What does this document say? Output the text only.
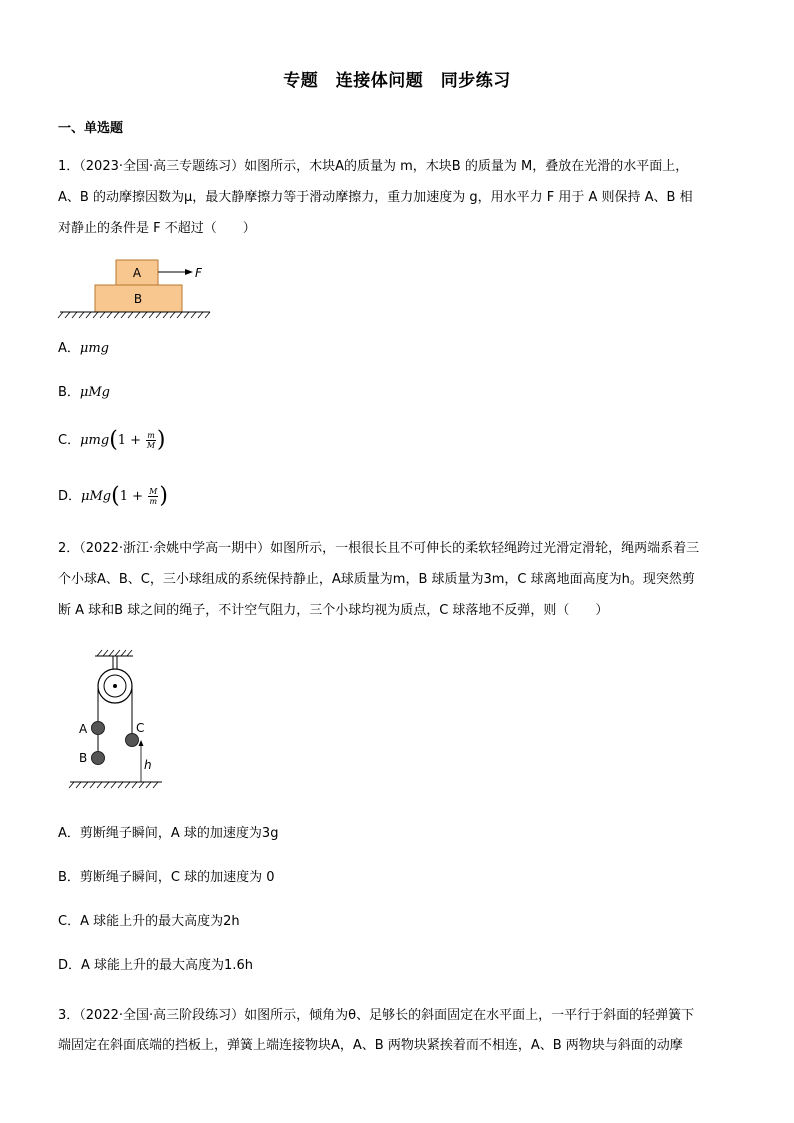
专题　连接体问题　同步练习
一、单选题
1．（2023·全国·高三专题练习）如图所示，木块A的质量为 m，木块B 的质量为 M，叠放在光滑的水平面上，
A、B 的动摩擦因数为μ，最大静摩擦力等于滑动摩擦力，重力加速度为 g，用水平力 F 用于 A 则保持 A、B 相
对静止的条件是 F 不超过（　　）
A
B
F
A．μmg
B．μMg
C．$\mu mg(1 + \frac{m}{M}$ )
D．$\mu Mg(1 + \frac{M}{m}$ )
2．（2022·浙江·余姚中学高一期中）如图所示，一根很长且不可伸长的柔软轻绳跨过光滑定滑轮，绳两端系着三
个小球A、B、C，三小球组成的系统保持静止，A球质量为m，B 球质量为3m，C 球离地面高度为h。现突然剪
断 A 球和B 球之间的绳子，不计空气阻力，三个小球均视为质点，C 球落地不反弹，则（　　）
A
B
C
h
A．剪断绳子瞬间，A 球的加速度为3g
B．剪断绳子瞬间，C 球的加速度为 0
C．A 球能上升的最大高度为2h
D．A 球能上升的最大高度为1.6h
3．（2022·全国·高三阶段练习）如图所示，倾角为θ、足够长的斜面固定在水平面上，一平行于斜面的轻弹簧下
端固定在斜面底端的挡板上，弹簧上端连接物块A，A、B 两物块紧挨着而不相连，A、B 两物块与斜面的动摩
